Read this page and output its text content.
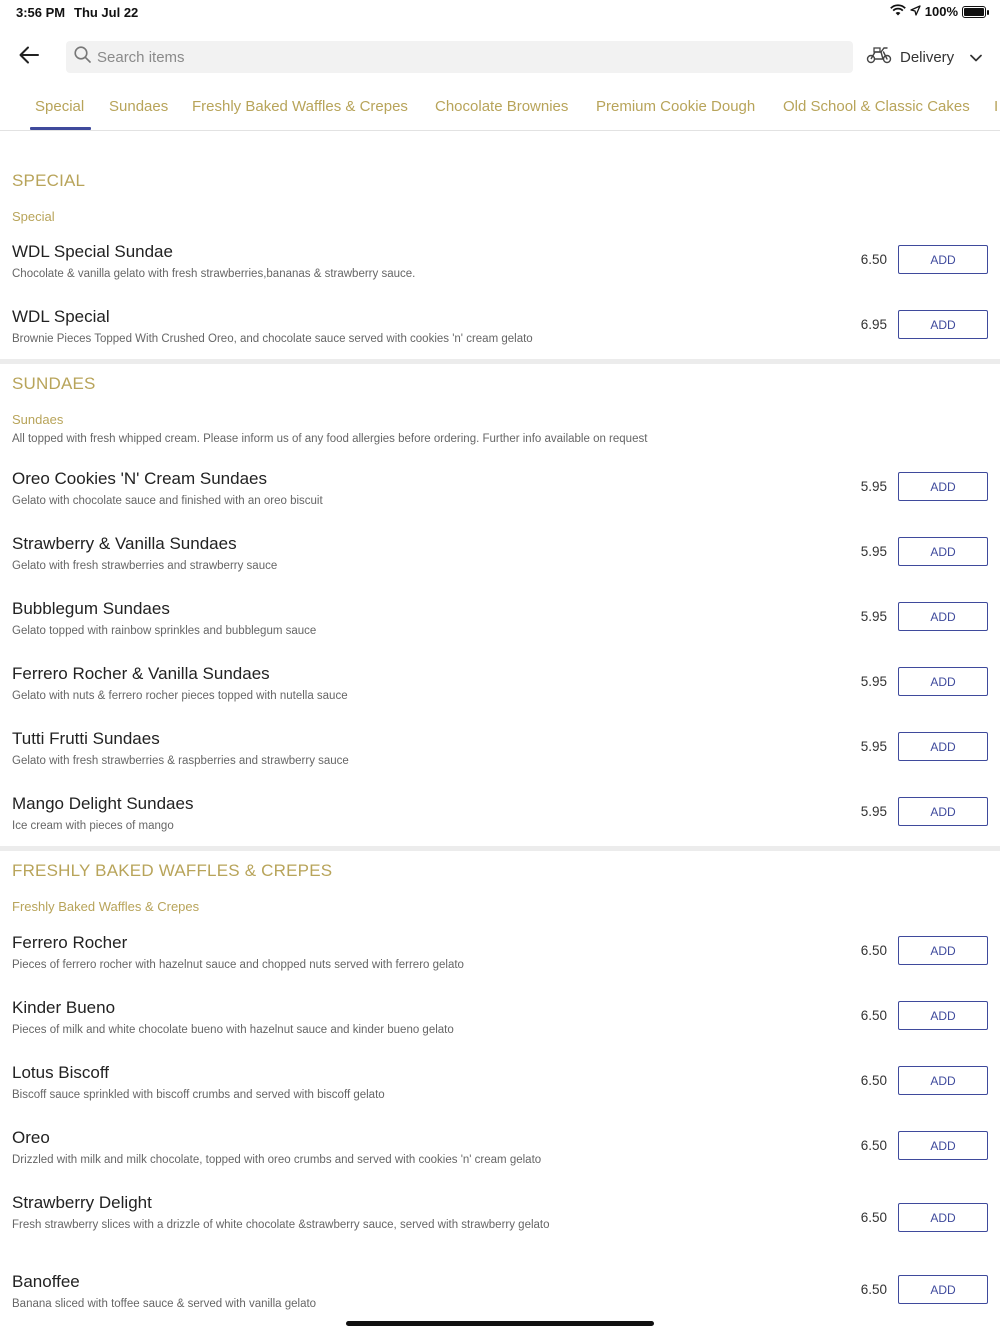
3:56 PM Thu Jul 22	100%
Search items
Delivery
Special Sundaes Freshly Baked Waffles & Crepes Chocolate Brownies Premium Cookie Dough Old School & Classic Cakes I
SPECIAL
Special
WDL Special Sundae
Chocolate & vanilla gelato with fresh strawberries,bananas & strawberry sauce.
6.50	ADD
WDL Special
Brownie Pieces Topped With Crushed Oreo, and chocolate sauce served with cookies 'n' cream gelato
6.95	ADD
SUNDAES
Sundaes
All topped with fresh whipped cream. Please inform us of any food allergies before ordering. Further info available on request
Oreo Cookies 'N' Cream Sundaes
Gelato with chocolate sauce and finished with an oreo biscuit
5.95	ADD
Strawberry & Vanilla Sundaes
Gelato with fresh strawberries and strawberry sauce
5.95	ADD
Bubblegum Sundaes
Gelato topped with rainbow sprinkles and bubblegum sauce
5.95	ADD
Ferrero Rocher & Vanilla Sundaes
Gelato with nuts & ferrero rocher pieces topped with nutella sauce
5.95	ADD
Tutti Frutti Sundaes
Gelato with fresh strawberries & raspberries and strawberry sauce
5.95	ADD
Mango Delight Sundaes
Ice cream with pieces of mango
5.95	ADD
FRESHLY BAKED WAFFLES & CREPES
Freshly Baked Waffles & Crepes
Ferrero Rocher
Pieces of ferrero rocher with hazelnut sauce and chopped nuts served with ferrero gelato
6.50	ADD
Kinder Bueno
Pieces of milk and white chocolate bueno with hazelnut sauce and kinder bueno gelato
6.50	ADD
Lotus Biscoff
Biscoff sauce sprinkled with biscoff crumbs and served with biscoff gelato
6.50	ADD
Oreo
Drizzled with milk and milk chocolate, topped with oreo crumbs and served with cookies 'n' cream gelato
6.50	ADD
Strawberry Delight
Fresh strawberry slices with a drizzle of white chocolate &strawberry sauce, served with strawberry gelato	6.50	ADD
Banoffee
Banana sliced with toffee sauce & served with vanilla gelato
6.50	ADD
